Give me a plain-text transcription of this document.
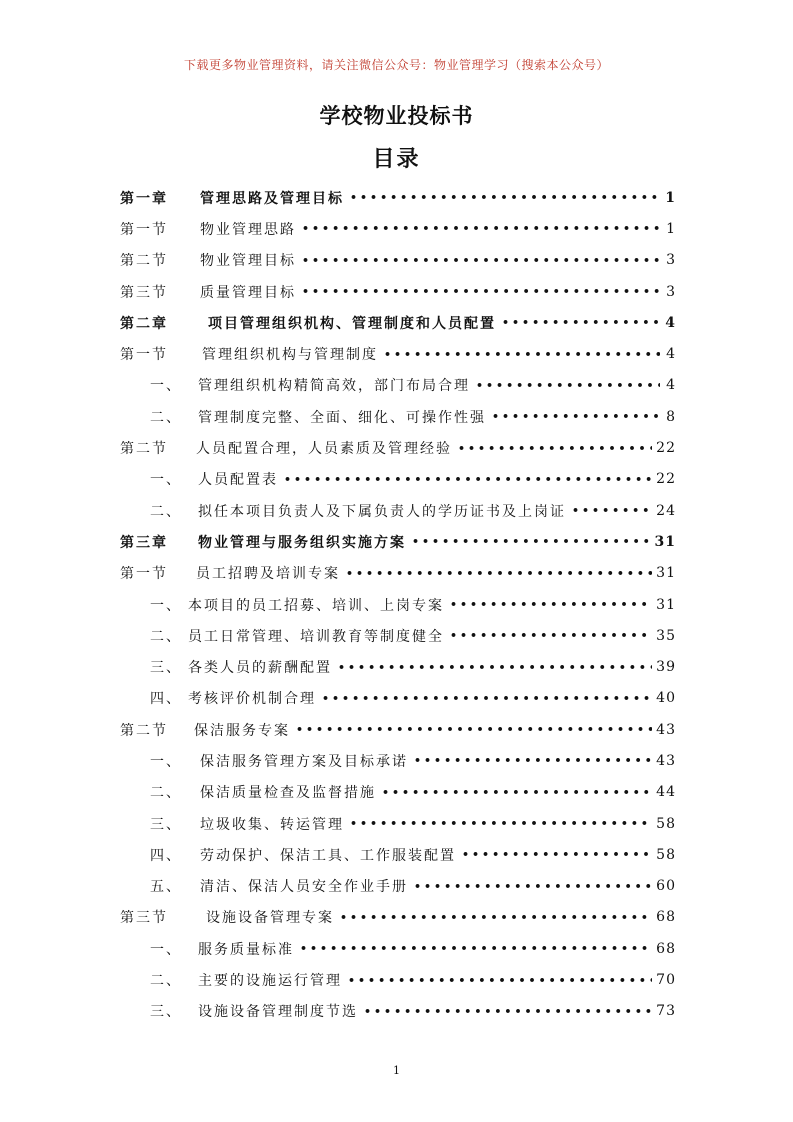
下载更多物业管理资料，请关注微信公众号：物业管理学习（搜索本公众号）
学校物业投标书
目录
第一章	管理思路及管理目标 •••••	1
第一节	物业管理思路 •••••	1
第二节	物业管理目标 •••••	3
第三节	质量管理目标 •••••	3
第二章	项目管理组织机构、管理制度和人员配置 •••••	4
第一节	管理组织机构与管理制度 •••••	4
一、	管理组织机构精简高效，部门布局合理 •••••	4
二、	管理制度完整、全面、细化、可操作性强 •••••	8
第二节	人员配置合理，人员素质及管理经验 •••••	22
一、	人员配置表 •••••	22
二、	拟任本项目负责人及下属负责人的学历证书及上岗证 •••••	24
第三章	物业管理与服务组织实施方案 •••••	31
第一节	员工招聘及培训专案 •••••	31
一、 本项目的员工招募、培训、上岗专案 •••••	31
二、 员工日常管理、培训教育等制度健全 •••••	35
三、 各类人员的薪酬配置 •••••	39
四、 考核评价机制合理 •••••	40
第二节	保洁服务专案 •••••	43
一、	保洁服务管理方案及目标承诺 •••••	43
二、	保洁质量检查及监督措施 •••••	44
三、	垃圾收集、转运管理 •••••	58
四、	劳动保护、保洁工具、工作服装配置 •••••	58
五、	清洁、保洁人员安全作业手册 •••••	60
第三节	设施设备管理专案 •••••	68
一、	服务质量标准 •••••	68
二、	主要的设施运行管理 •••••	70
三、	设施设备管理制度节选 •••••	73
1
